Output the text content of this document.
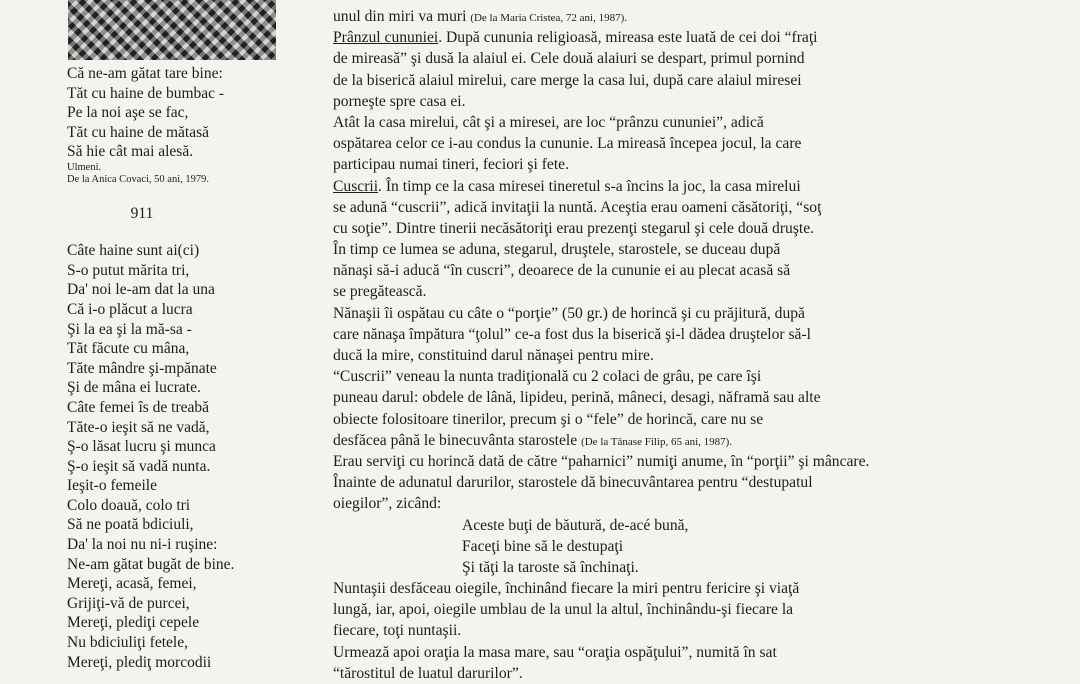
Că ne-am gătat tare bine:
Tăt cu haine de bumbac -
Pe la noi aşe se fac,
Tăt cu haine de mătasă
Să hie cât mai alesă.
Ulmeni.
De la Anica Covaci, 50 ani, 1979.
911
Câte haine sunt ai(ci)
S-o putut mărita tri,
Da' noi le-am dat la una
Că i-o plăcut a lucra
Şi la ea şi la mă-sa -
Tăt făcute cu mâna,
Tăte mândre şi-mpănate
Şi de mâna ei lucrate.
Câte femei îs de treabă
Tăte-o ieşit să ne vadă,
Ş-o lăsat lucru şi munca
Ş-o ieşit să vadă nunta.
Ieşit-o femeile
Colo doauă, colo tri
Să ne poată bdiciuli,
Da' la noi nu ni-i ruşine:
Ne-am gătat bugăt de bine.
Mereţi, acasă, femei,
Grijiţi-vă de purcei,
Mereţi, plediţi cepele
Nu bdiciuliţi fetele,
Mereţi, plediţ morcodii
unul din miri va muri (De la Maria Cristea, 72 ani, 1987).
Prânzul cununiei. După cununia religioasă, mireasa este luată de cei doi “fraţi
de mireasă” şi dusă la alaiul ei. Cele două alaiuri se despart, primul pornind
de la biserică alaiul mirelui, care merge la casa lui, după care alaiul miresei
porneşte spre casa ei.
Atât la casa mirelui, cât şi a miresei, are loc “prânzu cununiei”, adică
ospătarea celor ce i-au condus la cununie. La mireasă începea jocul, la care
participau numai tineri, feciori şi fete.
Cuscrii. În timp ce la casa miresei tineretul s-a încins la joc, la casa mirelui
se adună “cuscrii”, adică invitaţii la nuntă. Aceştia erau oameni căsătoriţi, “soţ
cu soţie”. Dintre tinerii necăsătoriţi erau prezenţi stegarul şi cele două druşte.
În timp ce lumea se aduna, stegarul, druştele, starostele, se duceau după
nănaşi să-i aducă “în cuscri”, deoarece de la cununie ei au plecat acasă să
se pregătească.
Nănaşii îi ospătau cu câte o “porţie” (50 gr.) de horincă şi cu prăjitură, după
care nănaşa împătura “ţolul” ce-a fost dus la biserică şi-l dădea druştelor să-l
ducă la mire, constituind darul nănaşei pentru mire.
“Cuscrii” veneau la nunta tradiţională cu 2 colaci de grâu, pe care îşi
puneau darul: obdele de lână, lipideu, perină, mâneci, desagi, năframă sau alte
obiecte folositoare tinerilor, precum şi o “fele” de horincă, care nu se
desfăcea până le binecuvânta starostele (De la Tănase Filip, 65 ani, 1987).
Erau serviţi cu horincă dată de către “paharnici” numiţi anume, în “porţii” şi mâncare.
Înainte de adunatul darurilor, starostele dă binecuvântarea pentru “destupatul
oiegilor”, zicând:
Aceste buţi de băutură, de-acé bună,
Faceţi bine să le destupaţi
Şi tăţi la taroste să închinaţi.
Nuntaşii desfăceau oiegile, închinând fiecare la miri pentru fericire şi viaţă
lungă, iar, apoi, oiegile umblau de la unul la altul, închinându-şi fiecare la
fiecare, toţi nuntaşii.
Urmează apoi oraţia la masa mare, sau “oraţia ospăţului”, numită în sat
“tărostitul de luatul darurilor”.
